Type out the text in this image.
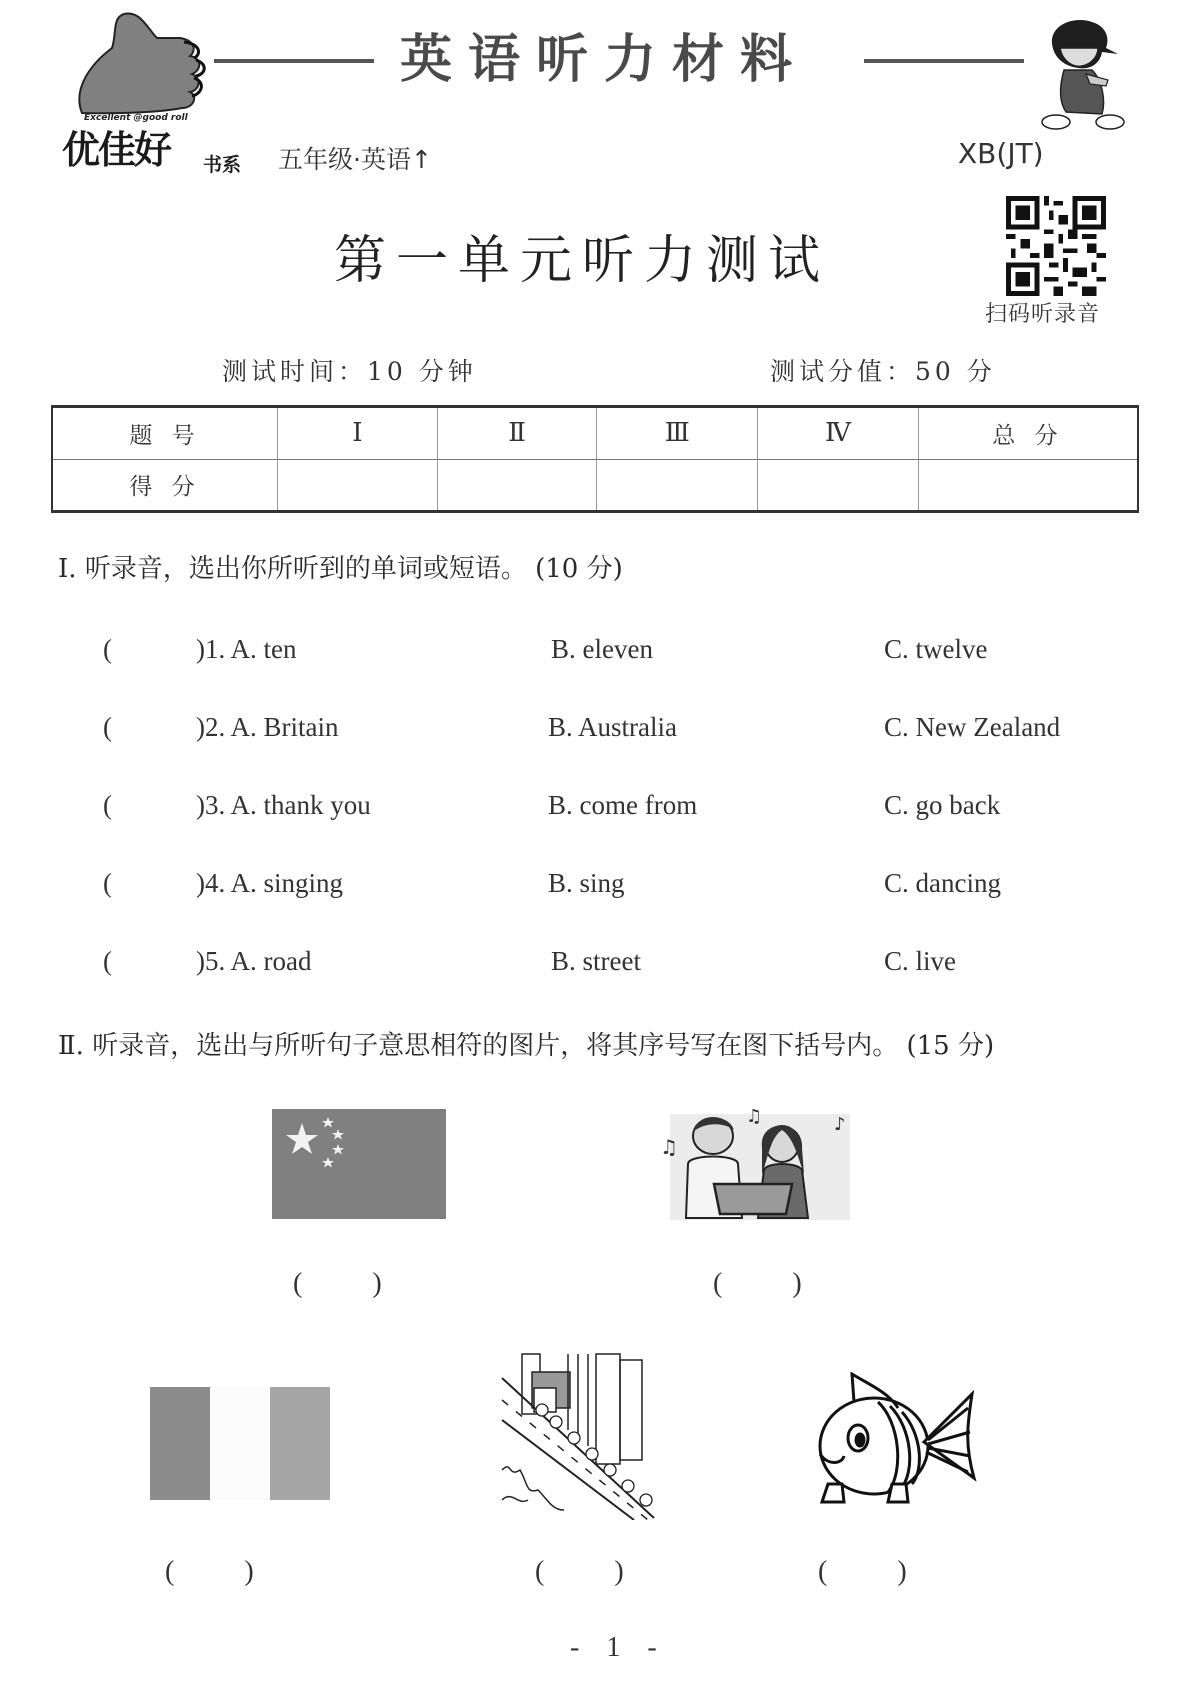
Excellent @good roll
优佳好 书系 五年级·英语↑
英语听力材料
XB(JT)
第一单元听力测试
扫码听录音
测试时间：10 分钟	测试分值：50 分
题 号	Ⅰ	Ⅱ	Ⅲ	Ⅳ	总 分
得 分					
Ⅰ. 听录音，选出你所听到的单词或短语。 (10 分)
(	)1. A. ten	B. eleven	C. twelve
(	)2. A. Britain	B. Australia	C. New Zealand
(	)3. A. thank you	B. come from	C. go back
(	)4. A. singing	B. sing	C. dancing
(	)5. A. road	B. street	C. live
Ⅱ. 听录音，选出与所听句子意思相符的图片，将其序号写在图下括号内。 (15 分)
(          )
♫
♫	♪
(          )
(          )	(          )	(          )
- 1 -
